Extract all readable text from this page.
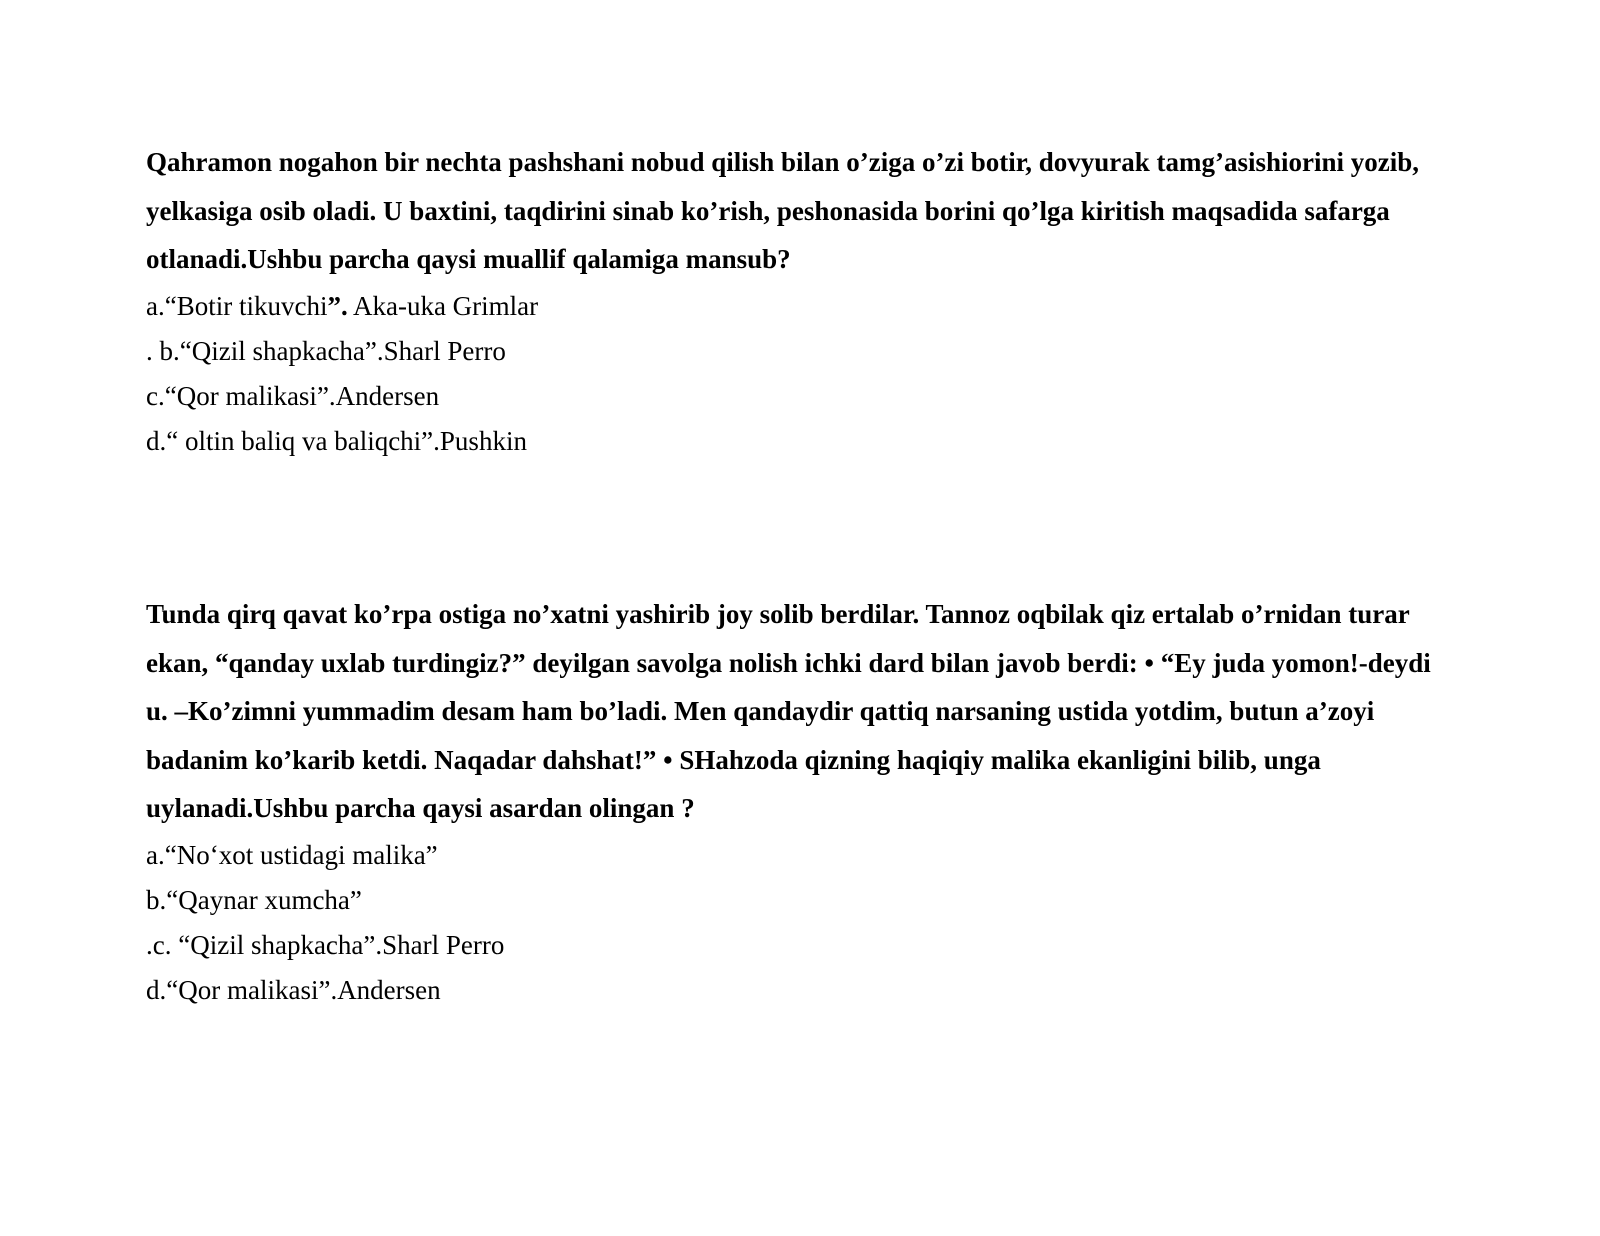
Qahramon nogahon bir nechta pashshani nobud qilish bilan o’ziga o’zi botir, dovyurak tamg’asishiorini yozib, yelkasiga osib oladi. U baxtini, taqdirini sinab ko’rish, peshonasida borini qo’lga kiritish maqsadida safarga otlanadi.Ushbu parcha qaysi muallif qalamiga mansub?

a.“Botir tikuvchi”. Aka-uka Grimlar

. b.“Qizil shapkacha”.Sharl Perro

c.“Qor malikasi”.Andersen

d.“ oltin baliq va baliqchi”.Pushkin

Tunda qirq qavat ko’rpa ostiga no’xatni yashirib joy solib berdilar. Tannoz oqbilak qiz ertalab o’rnidan turar ekan, “qanday uxlab turdingiz?” deyilgan savolga nolish ichki dard bilan javob berdi: • “Ey juda yomon!-deydi u. –Ko’zimni yummadim desam ham bo’ladi. Men qandaydir qattiq narsaning ustida yotdim, butun a’zoyi badanim ko’karib ketdi. Naqadar dahshat!” • SHahzoda qizning haqiqiy malika ekanligini bilib, unga uylanadi.Ushbu parcha qaysi asardan olingan ?

a.“No‘xot ustidagi malika”

b.“Qaynar xumcha”

.c. “Qizil shapkacha”.Sharl Perro

d.“Qor malikasi”.Andersen
